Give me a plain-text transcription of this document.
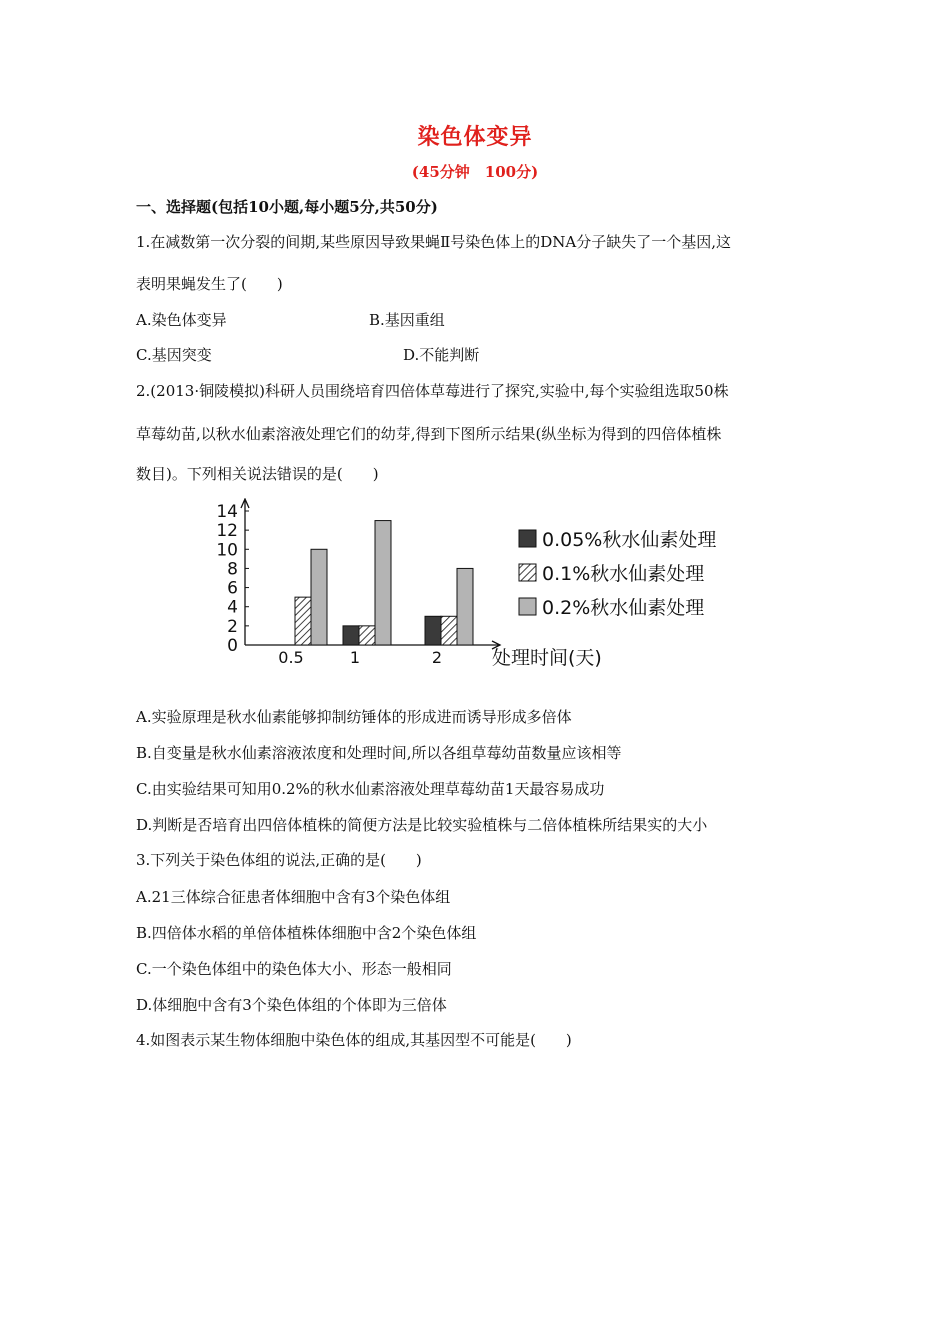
染色体变异
(45分钟　100分)
一、选择题(包括10小题,每小题5分,共50分)
1.在减数第一次分裂的间期,某些原因导致果蝇Ⅱ号染色体上的DNA分子缺失了一个基因,这
表明果蝇发生了(　　)
A.染色体变异	B.基因重组
C.基因突变	D.不能判断
2.(2013·铜陵模拟)科研人员围绕培育四倍体草莓进行了探究,实验中,每个实验组选取50株
草莓幼苗,以秋水仙素溶液处理它们的幼芽,得到下图所示结果(纵坐标为得到的四倍体植株
数目)。下列相关说法错误的是(　　)
0
2
4
6
8
10
12
14
0.5	1	2	处理时间(天)
0.05%秋水仙素处理
0.1%秋水仙素处理
0.2%秋水仙素处理
A.实验原理是秋水仙素能够抑制纺锤体的形成进而诱导形成多倍体
B.自变量是秋水仙素溶液浓度和处理时间,所以各组草莓幼苗数量应该相等
C.由实验结果可知用0.2%的秋水仙素溶液处理草莓幼苗1天最容易成功
D.判断是否培育出四倍体植株的简便方法是比较实验植株与二倍体植株所结果实的大小
3.下列关于染色体组的说法,正确的是(　　)
A.21三体综合征患者体细胞中含有3个染色体组
B.四倍体水稻的单倍体植株体细胞中含2个染色体组
C.一个染色体组中的染色体大小、形态一般相同
D.体细胞中含有3个染色体组的个体即为三倍体
4.如图表示某生物体细胞中染色体的组成,其基因型不可能是(　　)
